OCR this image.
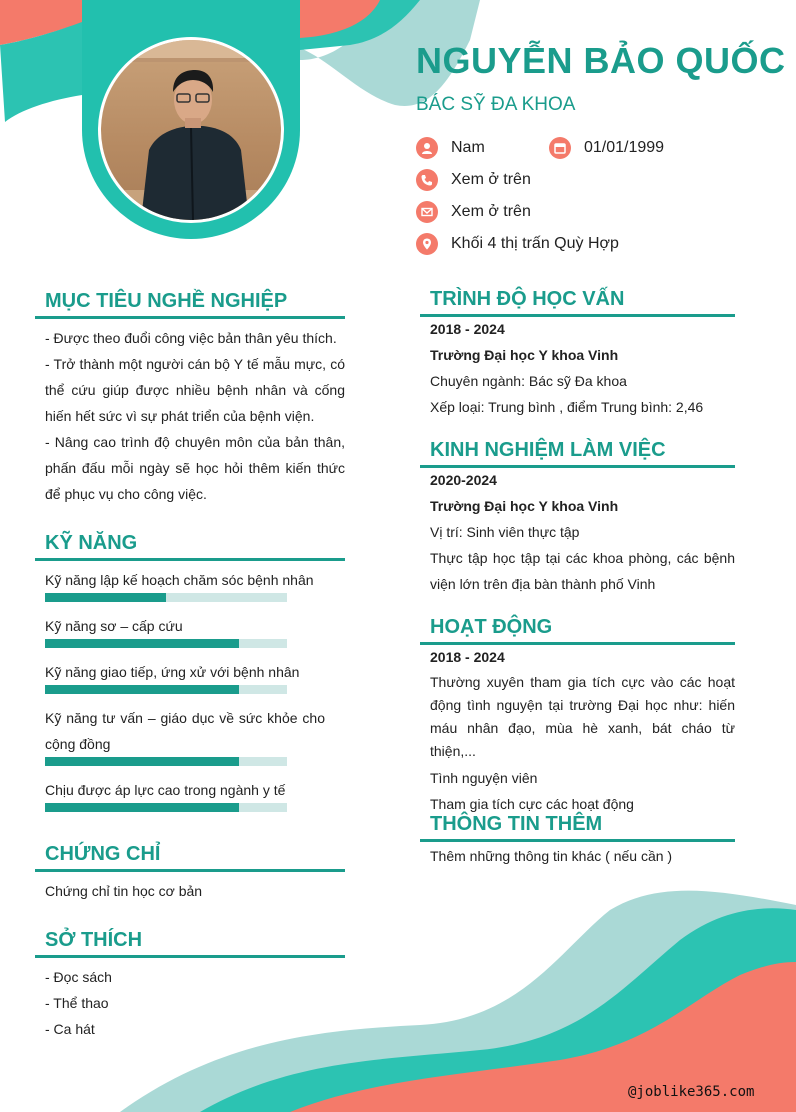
NGUYỄN BẢO QUỐC
BÁC SỸ ĐA KHOA
Nam	01/01/1999
Xem ở trên
Xem ở trên
Khối 4 thị trấn Quỳ Hợp
MỤC TIÊU NGHỀ NGHIỆP
- Được theo đuổi công việc bản thân yêu thích.
- Trở thành một người cán bộ Y tế mẫu mực, có thể cứu giúp được nhiều bệnh nhân và cống hiến hết sức vì sự phát triển của bệnh viện.
- Nâng cao trình độ chuyên môn của bản thân, phấn đấu mỗi ngày sẽ học hỏi thêm kiến thức để phục vụ cho công việc.
KỸ NĂNG
Kỹ năng lập kế hoạch chăm sóc bệnh nhân
Kỹ năng sơ – cấp cứu
Kỹ năng giao tiếp, ứng xử với bệnh nhân
Kỹ năng tư vấn – giáo dục về sức khỏe cho cộng đồng
Chịu được áp lực cao trong ngành y tế
CHỨNG CHỈ
Chứng chỉ tin học cơ bản
SỞ THÍCH
- Đọc sách
- Thể thao
- Ca hát
TRÌNH ĐỘ HỌC VẤN
2018 - 2024
Trường Đại học Y khoa Vinh
Chuyên ngành: Bác sỹ Đa khoa
Xếp loại: Trung bình , điểm Trung bình: 2,46
KINH NGHIỆM LÀM VIỆC
2020-2024
Trường Đại học Y khoa Vinh
Vị trí: Sinh viên thực tập
Thực tập học tập tại các khoa phòng, các bệnh viện lớn trên địa bàn thành phố Vinh
HOẠT ĐỘNG
2018 - 2024
Thường xuyên tham gia tích cực vào các hoạt động tình nguyện tại trường Đại học như: hiến máu nhân đạo, mùa hè xanh, bát cháo từ thiện,...
Tình nguyện viên
Tham gia tích cực các hoạt động
THÔNG TIN THÊM
Thêm những thông tin khác ( nếu cần )
@joblike365.com
